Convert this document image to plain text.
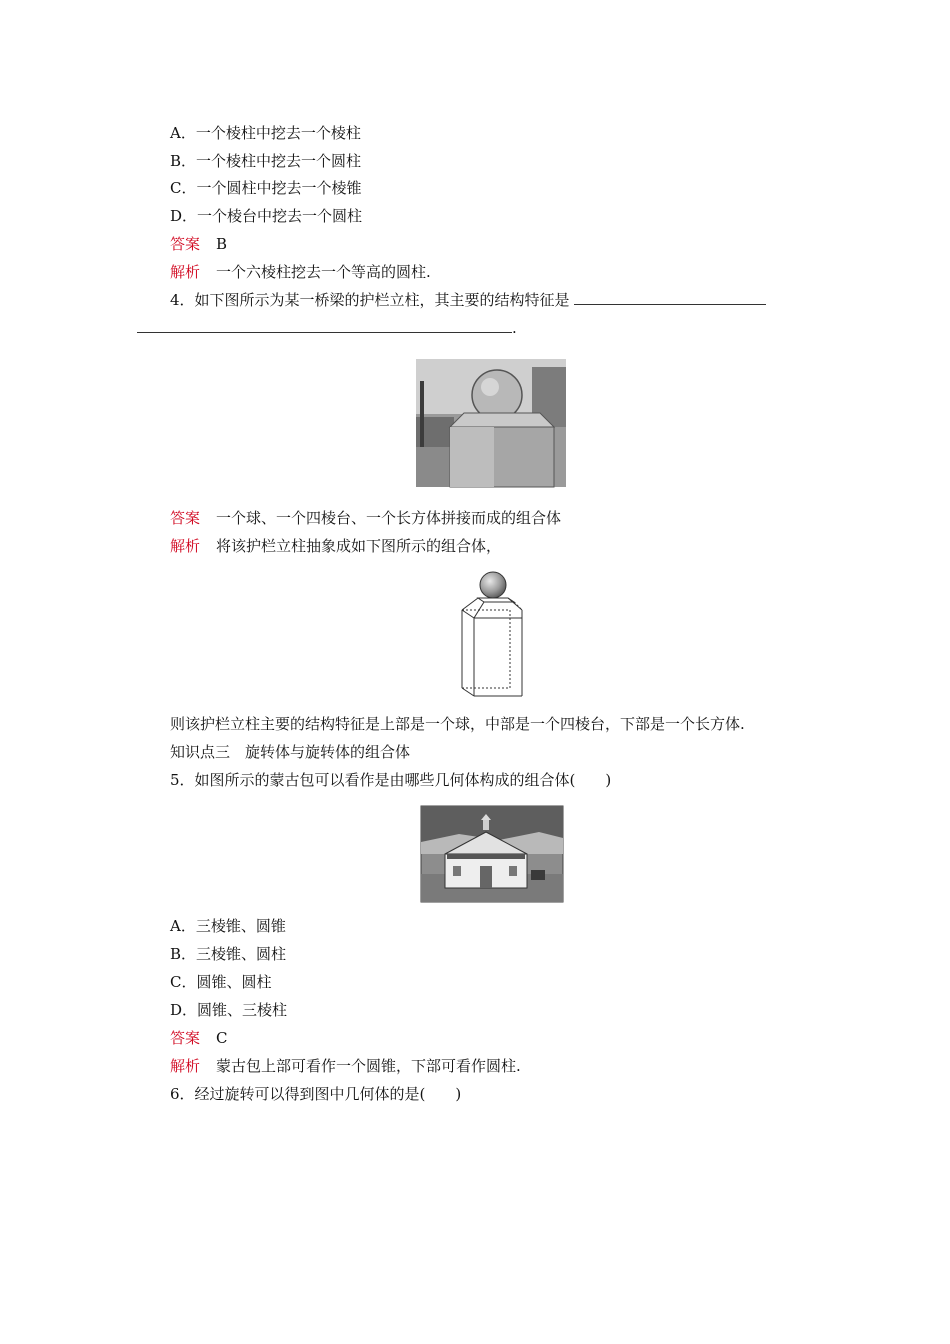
A．一个棱柱中挖去一个棱柱
B．一个棱柱中挖去一个圆柱
C．一个圆柱中挖去一个棱锥
D．一个棱台中挖去一个圆柱
答案 B
解析 一个六棱柱挖去一个等高的圆柱.
4．如下图所示为某一桥梁的护栏立柱，其主要的结构特征是
.
答案 一个球、一个四棱台、一个长方体拼接而成的组合体
解析 将该护栏立柱抽象成如下图所示的组合体，
则该护栏立柱主要的结构特征是上部是一个球，中部是一个四棱台，下部是一个长方体.
知识点三　旋转体与旋转体的组合体
5．如图所示的蒙古包可以看作是由哪些几何体构成的组合体(　　)
A．三棱锥、圆锥
B．三棱锥、圆柱
C．圆锥、圆柱
D．圆锥、三棱柱
答案 C
解析 蒙古包上部可看作一个圆锥，下部可看作圆柱.
6．经过旋转可以得到图中几何体的是(　　)
